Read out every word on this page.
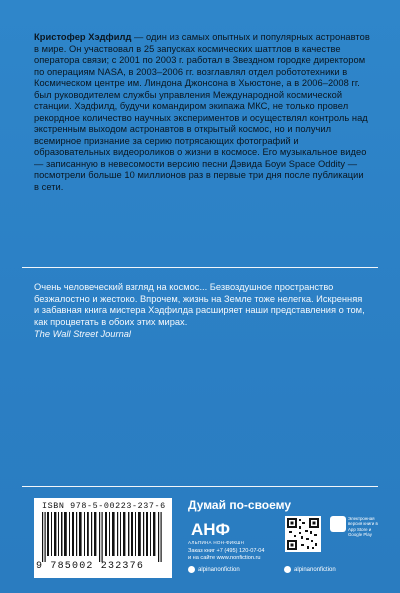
Кристофер Хэдфилд — один из самых опытных и популярных астронавтов в мире. Он участвовал в 25 запусках космических шаттлов в качестве оператора связи; с 2001 по 2003 г. работал в Звездном городке директором по операциям NASA, в 2003–2006 гг. возглавлял отдел робототехники в Космическом центре им. Линдона Джонсона в Хьюстоне, а в 2006–2008 гг. был руководителем службы управления Международной космической станции. Хэдфилд, будучи командиром экипажа МКС, не только провел рекордное количество научных экспериментов и осуществлял контроль над экстренным выходом астронавтов в открытый космос, но и получил всемирное признание за серию потрясающих фотографий и образовательных видеороликов о жизни в космосе. Его музыкальное видео — записанную в невесомости версию песни Дэвида Боуи Space Oddity — посмотрели больше 10 миллионов раз в первые три дня после публикации в сети.

Очень человеческий взгляд на космос... Безвоздушное пространство безжалостно и жестоко. Впрочем, жизнь на Земле тоже нелегка. Искренняя и забавная книга мистера Хэдфилда расширяет наши представления о том, как процветать в обоих этих мирах.

The Wall Street Journal

ISBN 978-5-00223-237-6
9 785002 232376
Думай по-своему
АНФ
АЛЬПИНА НОН-ФИКШН
Заказ книг +7 (495) 120-07-04
и на сайте www.nonfiction.ru
Электронная версия книги в App Store и Google Play
alpinanonfiction	alpinanonfiction
